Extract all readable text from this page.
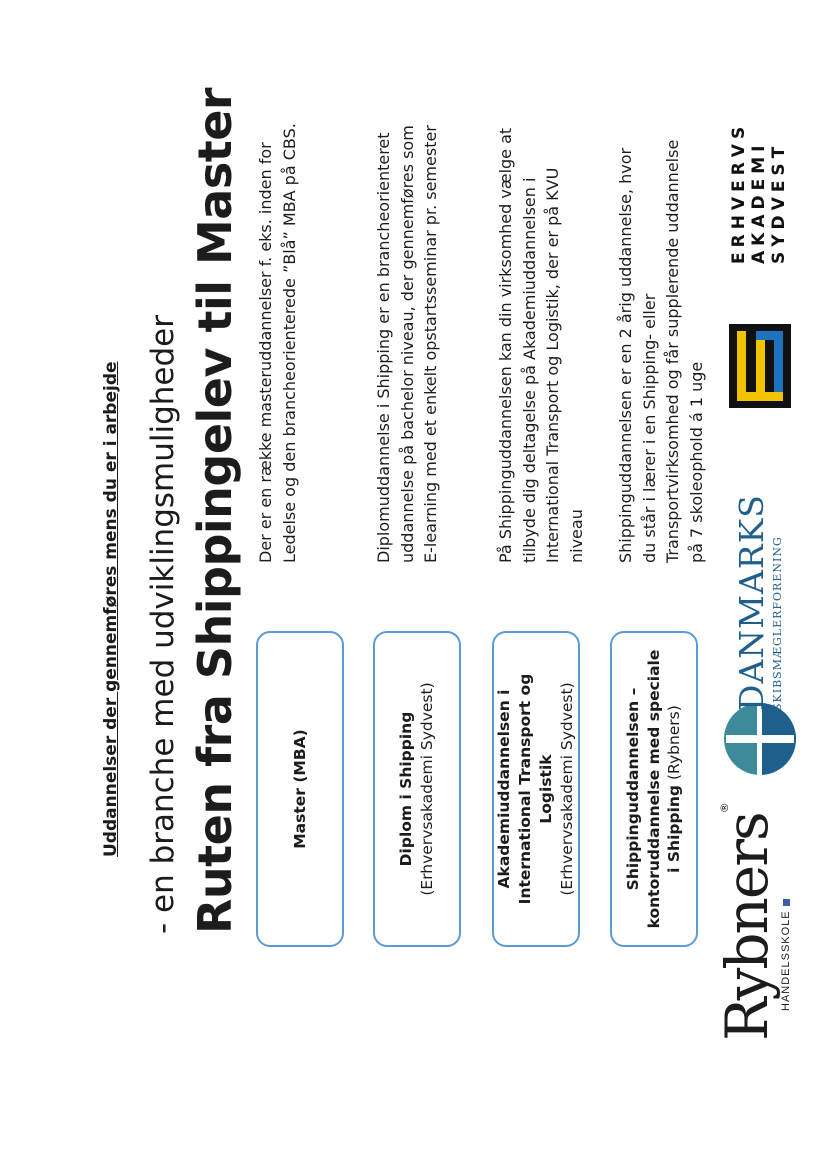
Ruten fra Shippingelev til Master
- en branche med udviklingsmuligheder
Uddannelser der gennemføres mens du er i arbejde	Master (MBA)
Der er en række masteruddannelser f. eks. inden for Ledelse og den brancheorienterede ”Blå” MBA på CBS.
Diplom i Shipping (Erhvervsakademi Sydvest)
Diplomuddannelse i Shipping er en brancheorienteret uddannelse på bachelor niveau, der gennemføres som E-learning med et enkelt opstartsseminar pr. semester
Akademiuddannelsen i International Transport og Logistik (Erhvervsakademi Sydvest)
På Shippinguddannelsen kan din virksomhed vælge at tilbyde dig deltagelse på Akademiuddannelsen i International Transport og Logistik, der er på KVU niveau
Shippinguddannelsen – kontoruddannelse med speciale i Shipping (Rybners)
Shippinguddannelsen er en 2 årig uddannelse, hvor du står i lærer i en Shipping- eller Transportvirksomhed og får supplerende uddannelse på 7 skoleophold á 1 uge
Rybners®
HANDELSSKOLE
DANMARKS SKIBSMÆGLERFORENING
ERHVERVS AKADEMI SYDVEST
